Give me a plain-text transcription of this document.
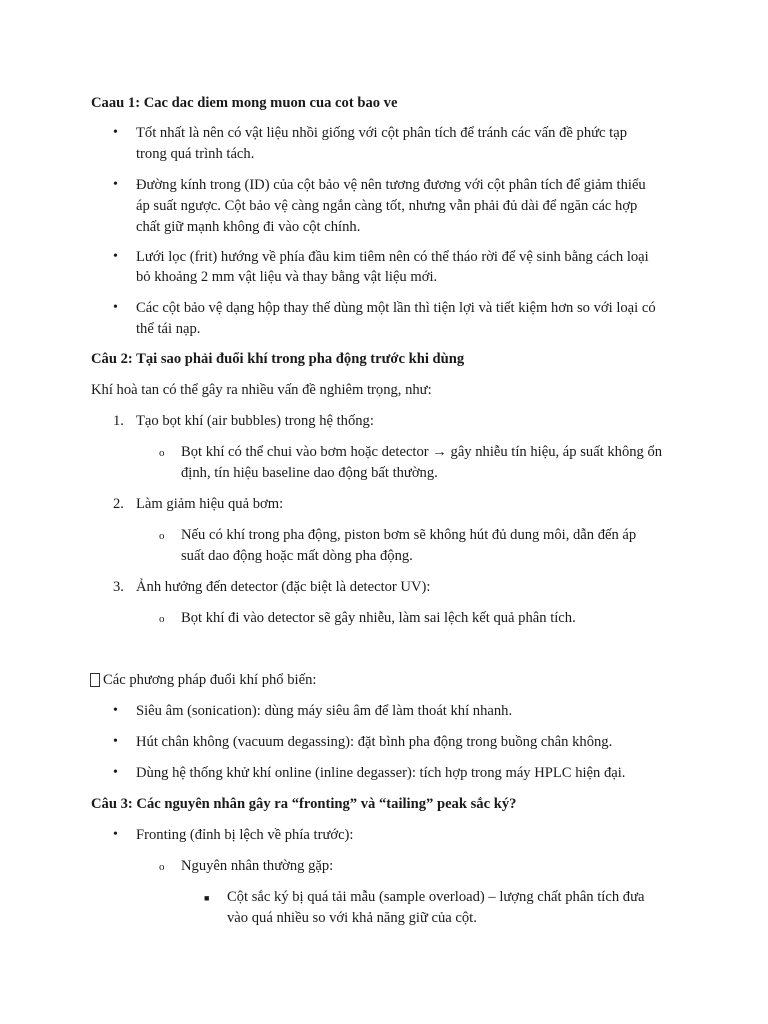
Caau 1: Cac dac diem mong muon cua cot bao ve
• Tốt nhất là nên có vật liệu nhồi giống với cột phân tích để tránh các vấn đề phức tạp
trong quá trình tách.
• Đường kính trong (ID) của cột bảo vệ nên tương đương với cột phân tích để giảm thiểu
áp suất ngược. Cột bảo vệ càng ngắn càng tốt, nhưng vẫn phải đủ dài để ngăn các hợp
chất giữ mạnh không đi vào cột chính.
• Lưới lọc (frit) hướng về phía đầu kim tiêm nên có thể tháo rời để vệ sinh bằng cách loại
bỏ khoảng 2 mm vật liệu và thay bằng vật liệu mới.
• Các cột bảo vệ dạng hộp thay thế dùng một lần thì tiện lợi và tiết kiệm hơn so với loại có
thể tái nạp.
Câu 2: Tại sao phải đuổi khí trong pha động trước khi dùng
Khí hoà tan có thể gây ra nhiều vấn đề nghiêm trọng, như:
1. Tạo bọt khí (air bubbles) trong hệ thống:
o Bọt khí có thể chui vào bơm hoặc detector → gây nhiễu tín hiệu, áp suất không ổn
định, tín hiệu baseline dao động bất thường.
2. Làm giảm hiệu quả bơm:
o Nếu có khí trong pha động, piston bơm sẽ không hút đủ dung môi, dẫn đến áp
suất dao động hoặc mất dòng pha động.
3. Ảnh hưởng đến detector (đặc biệt là detector UV):
o Bọt khí đi vào detector sẽ gây nhiễu, làm sai lệch kết quả phân tích.
Các phương pháp đuổi khí phổ biến:
• Siêu âm (sonication): dùng máy siêu âm để làm thoát khí nhanh.
• Hút chân không (vacuum degassing): đặt bình pha động trong buồng chân không.
• Dùng hệ thống khử khí online (inline degasser): tích hợp trong máy HPLC hiện đại.
Câu 3: Các nguyên nhân gây ra “fronting” và “tailing” peak sắc ký?
• Fronting (đỉnh bị lệch về phía trước):
o Nguyên nhân thường gặp:
■ Cột sắc ký bị quá tải mẫu (sample overload) – lượng chất phân tích đưa
vào quá nhiều so với khả năng giữ của cột.
